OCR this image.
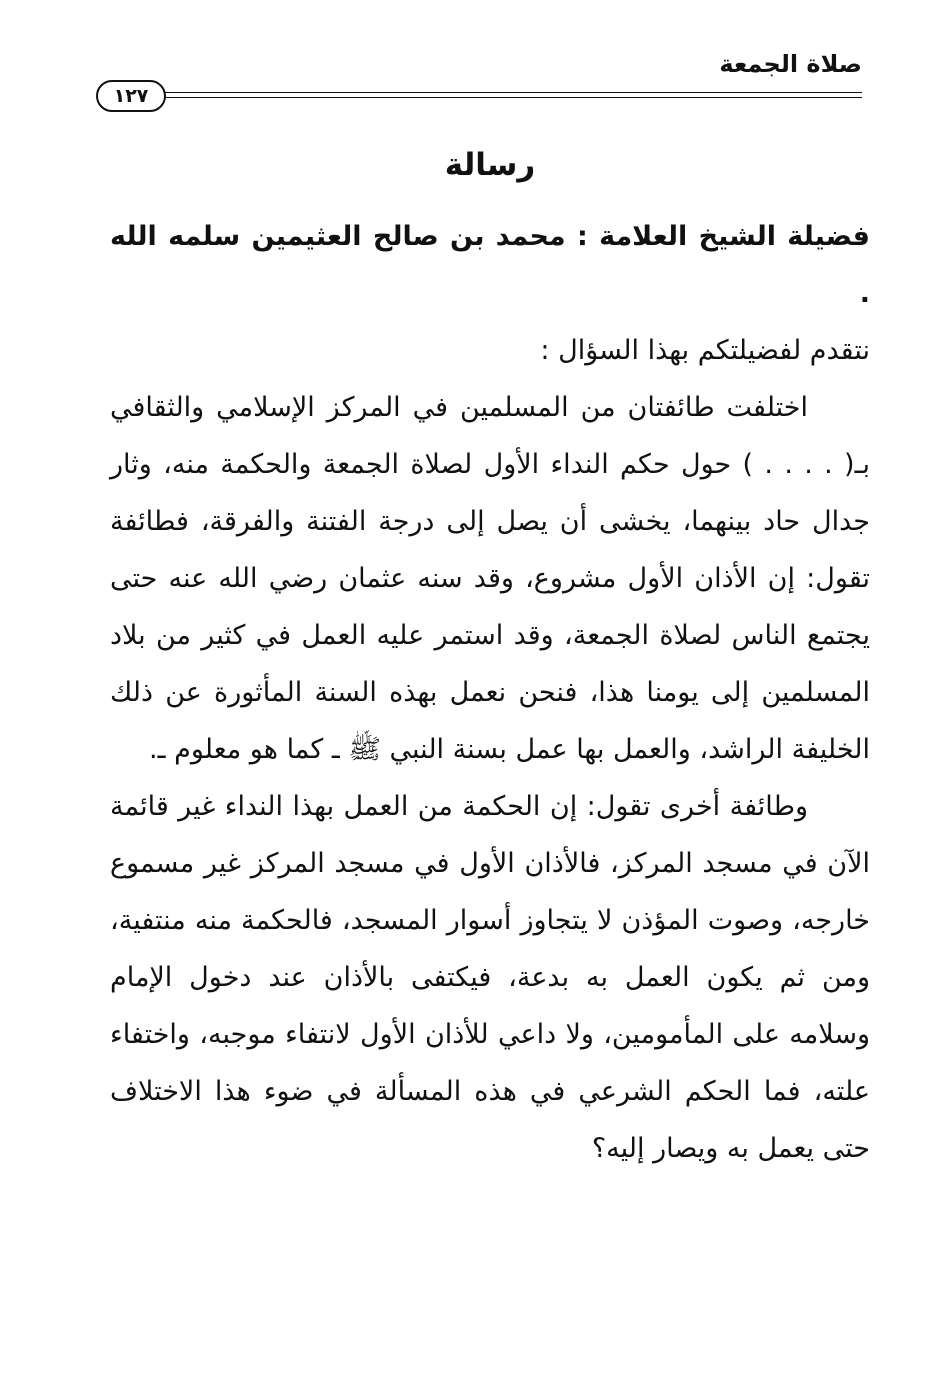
صلاة الجمعة
١٢٧
رسالة

فضيلة الشيخ العلامة : محمد بن صالح العثيمين سلمه الله .

نتقدم لفضيلتكم بهذا السؤال :

اختلفت طائفتان من المسلمين في المركز الإسلامي والثقافي بـ( . . . . ) حول حكم النداء الأول لصلاة الجمعة والحكمة منه، وثار جدال حاد بينهما، يخشى أن يصل إلى درجة الفتنة والفرقة، فطائفة تقول: إن الأذان الأول مشروع، وقد سنه عثمان رضي الله عنه حتى يجتمع الناس لصلاة الجمعة، وقد استمر عليه العمل في كثير من بلاد المسلمين إلى يومنا هذا، فنحن نعمل بهذه السنة المأثورة عن ذلك الخليفة الراشد، والعمل بها عمل بسنة النبي ﷺ ـ كما هو معلوم ـ.

وطائفة أخرى تقول: إن الحكمة من العمل بهذا النداء غير قائمة الآن في مسجد المركز، فالأذان الأول في مسجد المركز غير مسموع خارجه، وصوت المؤذن لا يتجاوز أسوار المسجد، فالحكمة منه منتفية، ومن ثم يكون العمل به بدعة، فيكتفى بالأذان عند دخول الإمام وسلامه على المأمومين، ولا داعي للأذان الأول لانتفاء موجبه، واختفاء علته، فما الحكم الشرعي في هذه المسألة في ضوء هذا الاختلاف حتى يعمل به ويصار إليه؟
